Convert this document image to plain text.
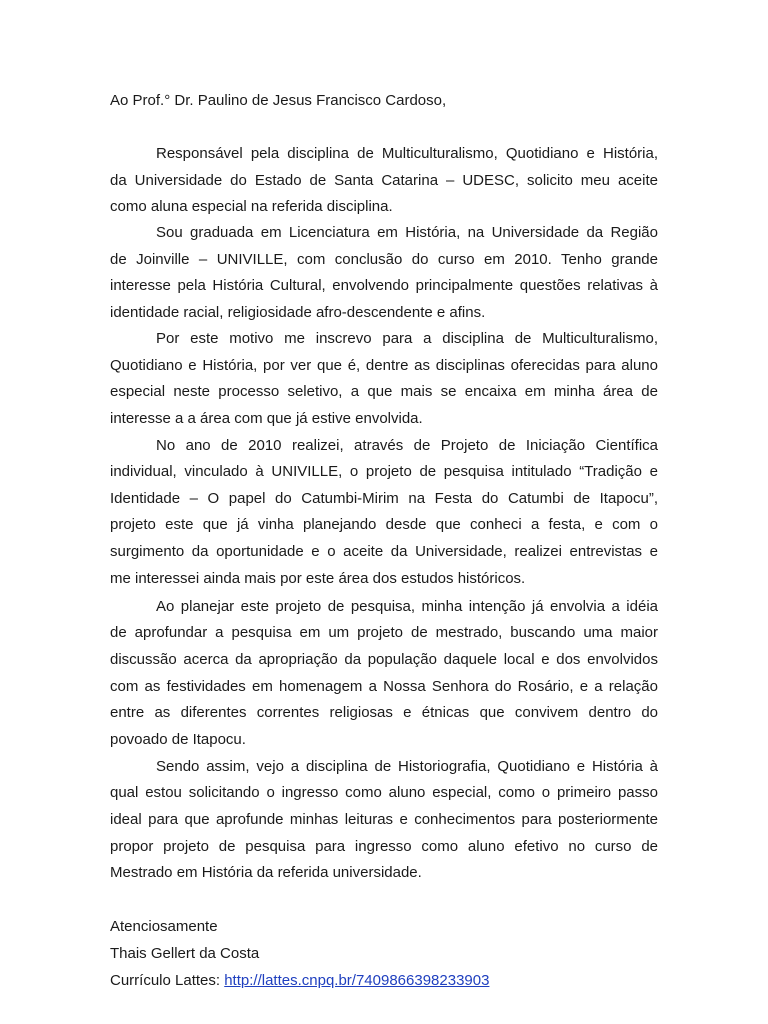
Ao Prof.° Dr. Paulino de Jesus Francisco Cardoso,
Responsável pela disciplina de Multiculturalismo, Quotidiano e História,
da Universidade do Estado de Santa Catarina – UDESC, solicito meu aceite
como aluna especial na referida disciplina.
Sou graduada em Licenciatura em História, na Universidade da Região
de Joinville – UNIVILLE, com conclusão do curso em 2010. Tenho grande
interesse pela História Cultural, envolvendo principalmente questões relativas à
identidade racial, religiosidade afro-descendente e afins.
Por este motivo me inscrevo para a disciplina de Multiculturalismo,
Quotidiano e História, por ver que é, dentre as disciplinas oferecidas para aluno
especial neste processo seletivo, a que mais se encaixa em minha área de
interesse a a área com que já estive envolvida.
No ano de 2010 realizei, através de Projeto de Iniciação Científica
individual, vinculado à UNIVILLE, o projeto de pesquisa intitulado “Tradição e
Identidade – O papel do Catumbi-Mirim na Festa do Catumbi de Itapocu”,
projeto este que já vinha planejando desde que conheci a festa, e com o
surgimento da oportunidade e o aceite da Universidade, realizei entrevistas e
me interessei ainda mais por este área dos estudos históricos.
Ao planejar este projeto de pesquisa, minha intenção já envolvia a idéia
de aprofundar a pesquisa em um projeto de mestrado, buscando uma maior
discussão acerca da apropriação da população daquele local e dos envolvidos
com as festividades em homenagem a Nossa Senhora do Rosário, e a relação
entre as diferentes correntes religiosas e étnicas que convivem dentro do
povoado de Itapocu.
Sendo assim, vejo a disciplina de Historiografia, Quotidiano e História à
qual estou solicitando o ingresso como aluno especial, como o primeiro passo
ideal para que aprofunde minhas leituras e conhecimentos para posteriormente
propor projeto de pesquisa para ingresso como aluno efetivo no curso de
Mestrado em História da referida universidade.
Atenciosamente
Thais Gellert da Costa
Currículo Lattes: http://lattes.cnpq.br/7409866398233903
